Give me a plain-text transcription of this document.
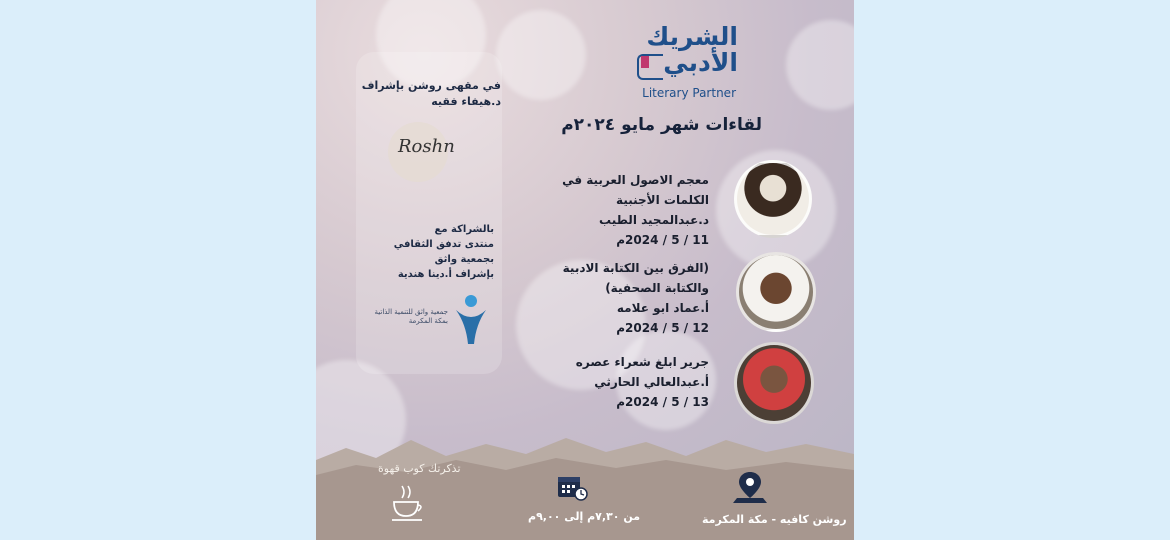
في مقهى روشن بإشراف
د.هيفاء فقيه
Roshn
بالشراكة مع
منتدى تدفق الثقافي
بجمعية واثق
بإشراف أ.دينا هندية
جمعية واثق للتنمية الذاتية
بمكة المكرمة
الشريك
الأدبي
Literary Partner
لقاءات شهر مايو ٢٠٢٤م
معجم الاصول العربية في
الكلمات الأجنبية
د.عبدالمجيد الطيب
11 / 5 / 2024م
(الفرق بين الكتابة الادبية
والكتابة الصحفية)
أ.عماد ابو علامه
12 / 5 / 2024م
جرير ابلغ شعراء عصره
أ.عبدالعالي الحارثي
13 / 5 / 2024م
تذكرتك كوب قهوة
من ٧,٣٠م إلى ٩,٠٠م	روشن كافيه - مكة المكرمة
